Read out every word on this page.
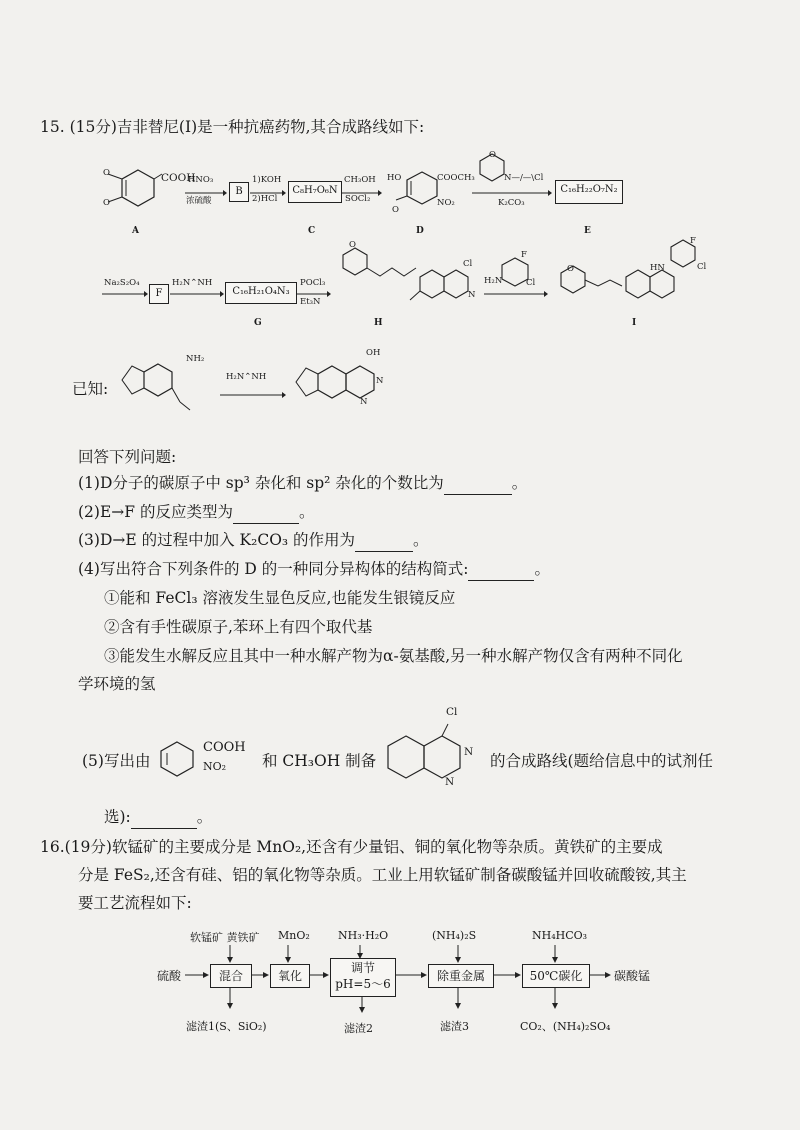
15. (15分)吉非替尼(I)是一种抗癌药物,其合成路线如下:
O
O
COOH
A
HNO₃
浓硫酸
B
1)KOH
2)HCl
C₈H₇O₆N
C
CH₃OH
SOCl₂
HO	COOCH₃
NO₂
O
D
O
N—/—\Cl
K₂CO₃
C₁₆H₂₂O₇N₂
E
Na₂S₂O₄
F
H₂N⌃NH
C₁₆H₂₁O₄N₃
G
POCl₃
Et₃N
O
Cl
N
H
F
Cl
H₂N
O	HN
F
Cl
I
已知:
NH₂
H₂N⌃NH
OH
N
N
回答下列问题:
(1)D分子的碳原子中 sp³ 杂化和 sp² 杂化的个数比为	。
(2)E→F 的反应类型为	。
(3)D→E 的过程中加入 K₂CO₃ 的作用为	。
(4)写出符合下列条件的 D 的一种同分异构体的结构简式:	。
①能和 FeCl₃ 溶液发生显色反应,也能发生银镜反应
②含有手性碳原子,苯环上有四个取代基
③能发生水解反应且其中一种水解产物为α-氨基酸,另一种水解产物仅含有两种不同化
学环境的氢
(5)写出由
COOH
NO₂ 和 CH₃OH 制备
Cl
N
N
的合成路线(题给信息中的试剂任
选):	。
16.(19分)软锰矿的主要成分是 MnO₂,还含有少量铝、铜的氧化物等杂质。黄铁矿的主要成
分是 FeS₂,还含有硅、铝的氧化物等杂质。工业上用软锰矿制备碳酸锰并回收硫酸铵,其主
要工艺流程如下:
软锰矿 黄铁矿 MnO₂	NH₃·H₂O	(NH₄)₂S	NH₄HCO₃
硫酸	混合	氧化
调节
pH=5～6
除重金属	50℃碳化	碳酸锰
滤渣1(S、SiO₂)	滤渣2	滤渣3	CO₂、(NH₄)₂SO₄
